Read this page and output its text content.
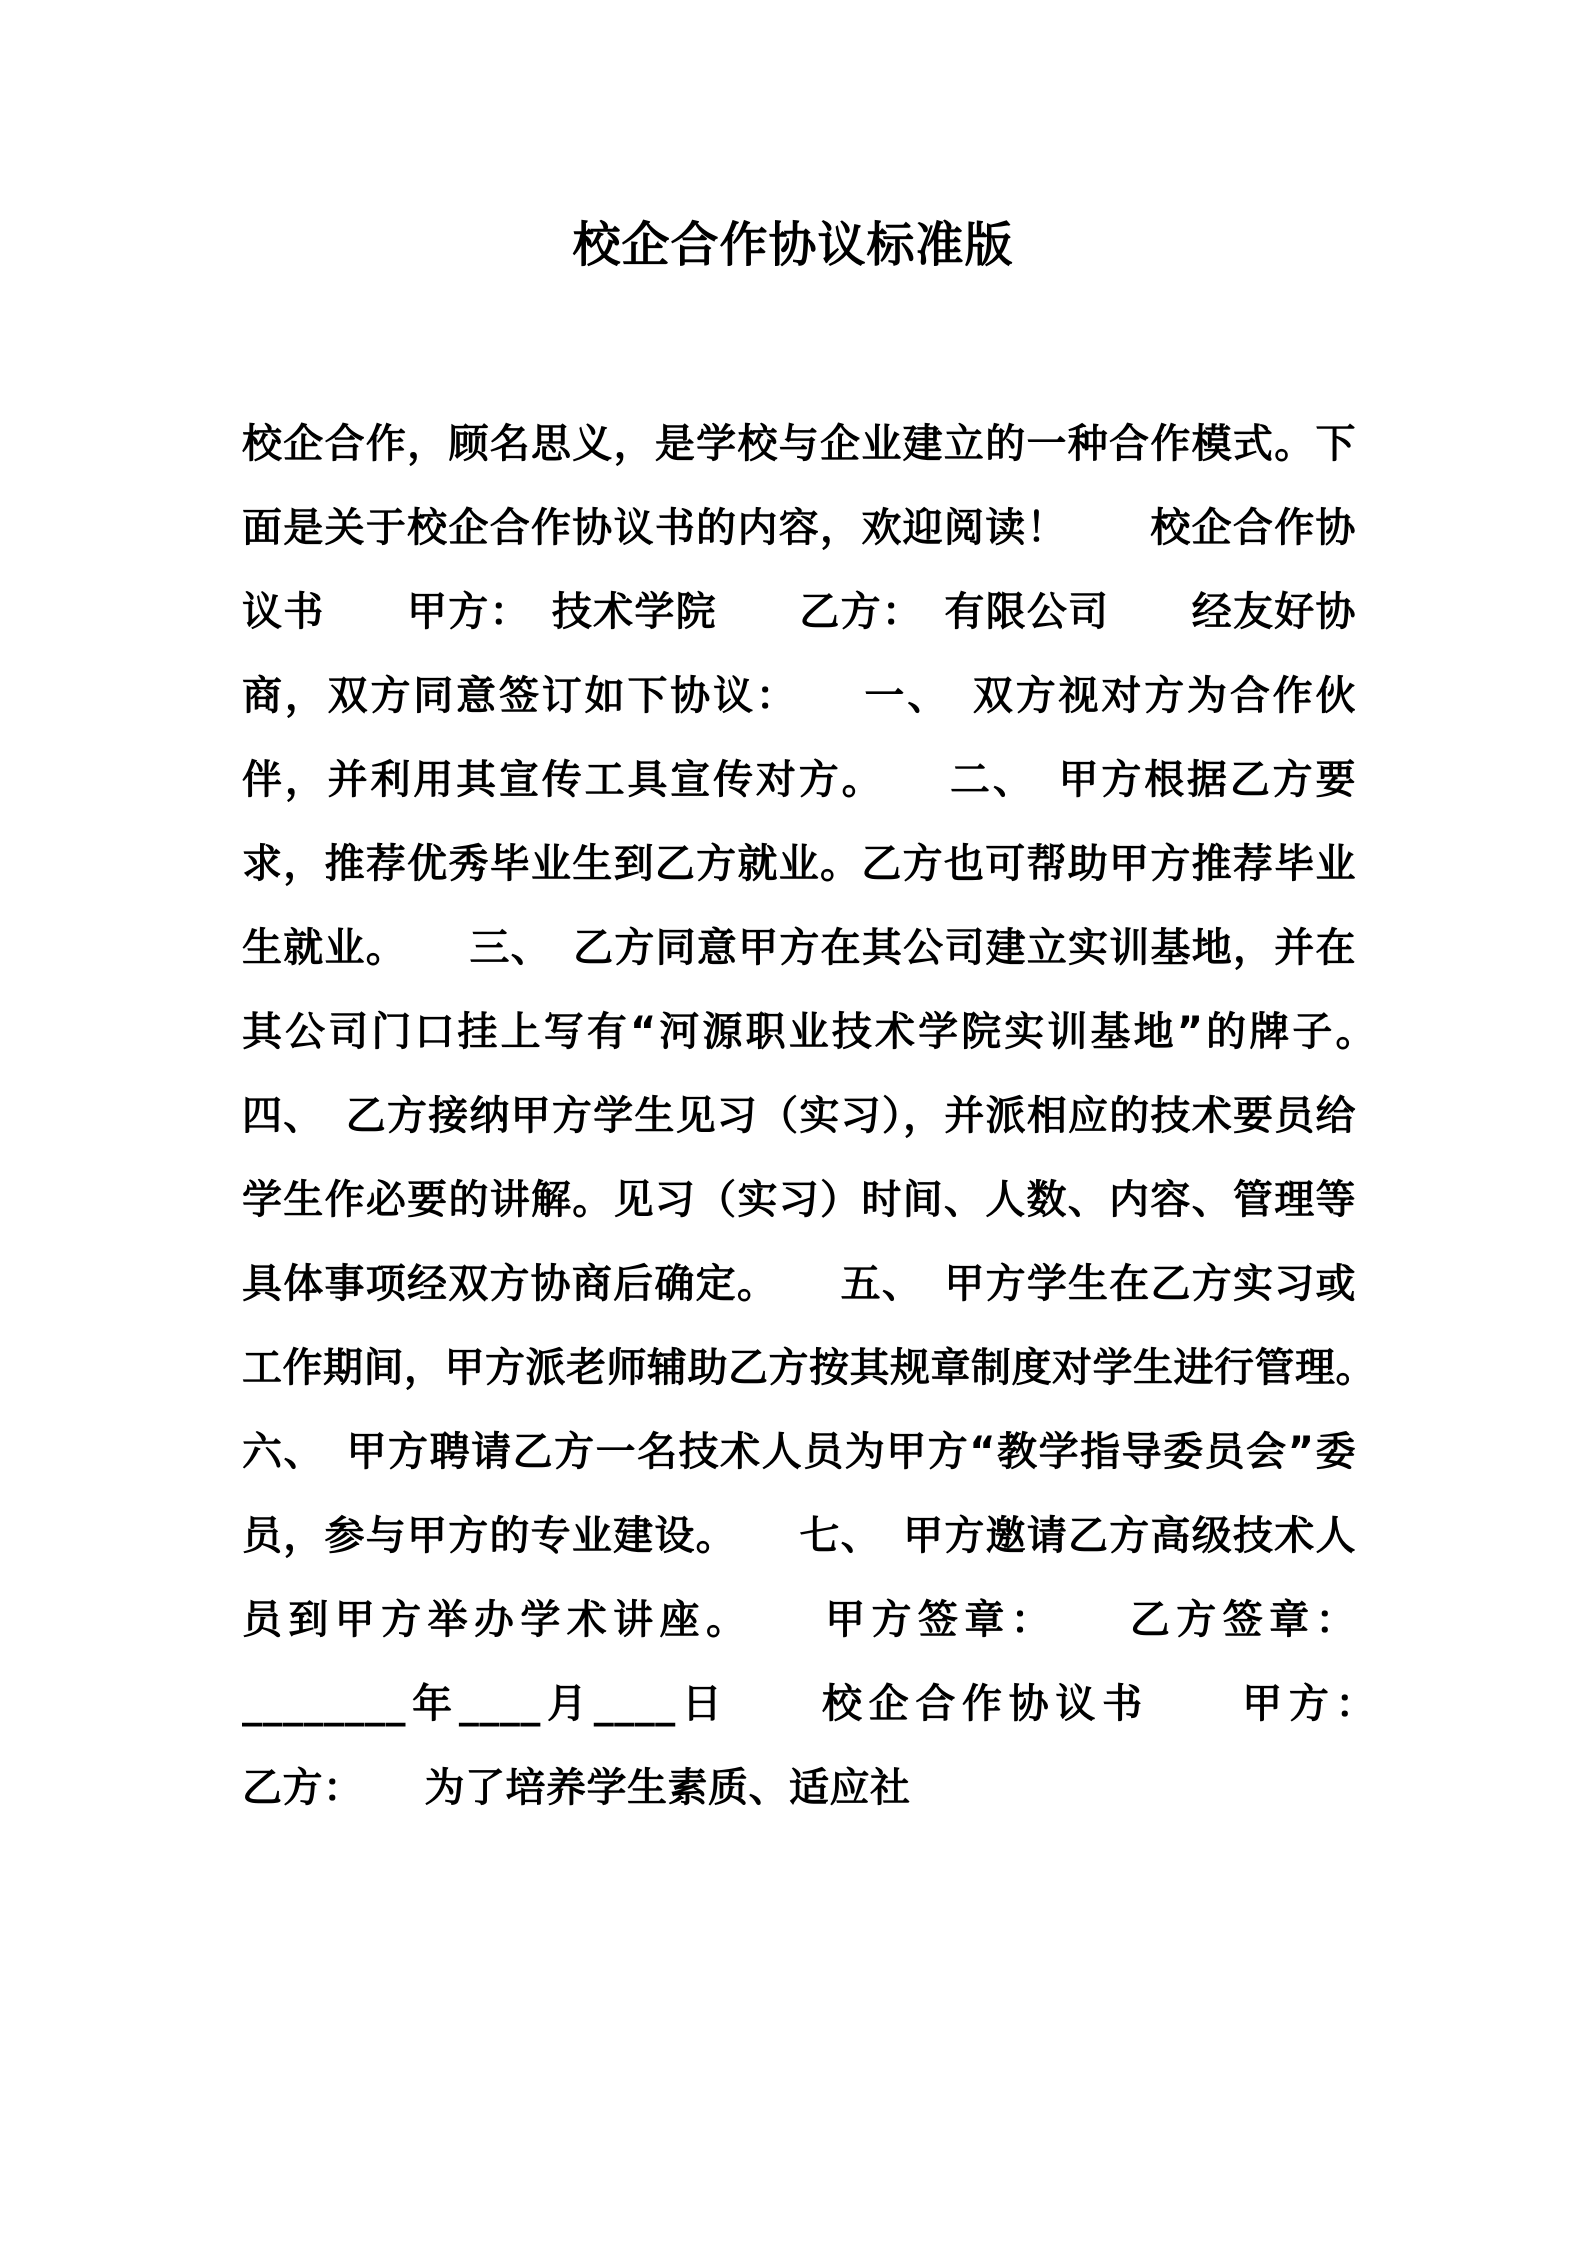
校企合作协议标准版

校企合作，顾名思义，是学校与企业建立的一种合作模式。下面是关于校企合作协议书的内容，欢迎阅读！　　校企合作协议书　　甲方：　技术学院　　乙方：　有限公司　　经友好协商，双方同意签订如下协议：　　一、　双方视对方为合作伙伴，并利用其宣传工具宣传对方。　　二、　甲方根据乙方要求，推荐优秀毕业生到乙方就业。乙方也可帮助甲方推荐毕业生就业。　　三、　乙方同意甲方在其公司建立实训基地，并在其公司门口挂上写有“河源职业技术学院实训基地”的牌子。　　四、　乙方接纳甲方学生见习（实习），并派相应的技术要员给学生作必要的讲解。见习（实习）时间、人数、内容、管理等具体事项经双方协商后确定。　　五、　甲方学生在乙方实习或工作期间，甲方派老师辅助乙方按其规章制度对学生进行管理。　　六、　甲方聘请乙方一名技术人员为甲方“教学指导委员会”委员，参与甲方的专业建设。　　七、　甲方邀请乙方高级技术人员到甲方举办学术讲座。　　甲方签章：　　乙方签章：________年____月____日　　校企合作协议书　　甲方：　　乙方：　　为了培养学生素质、适应社
